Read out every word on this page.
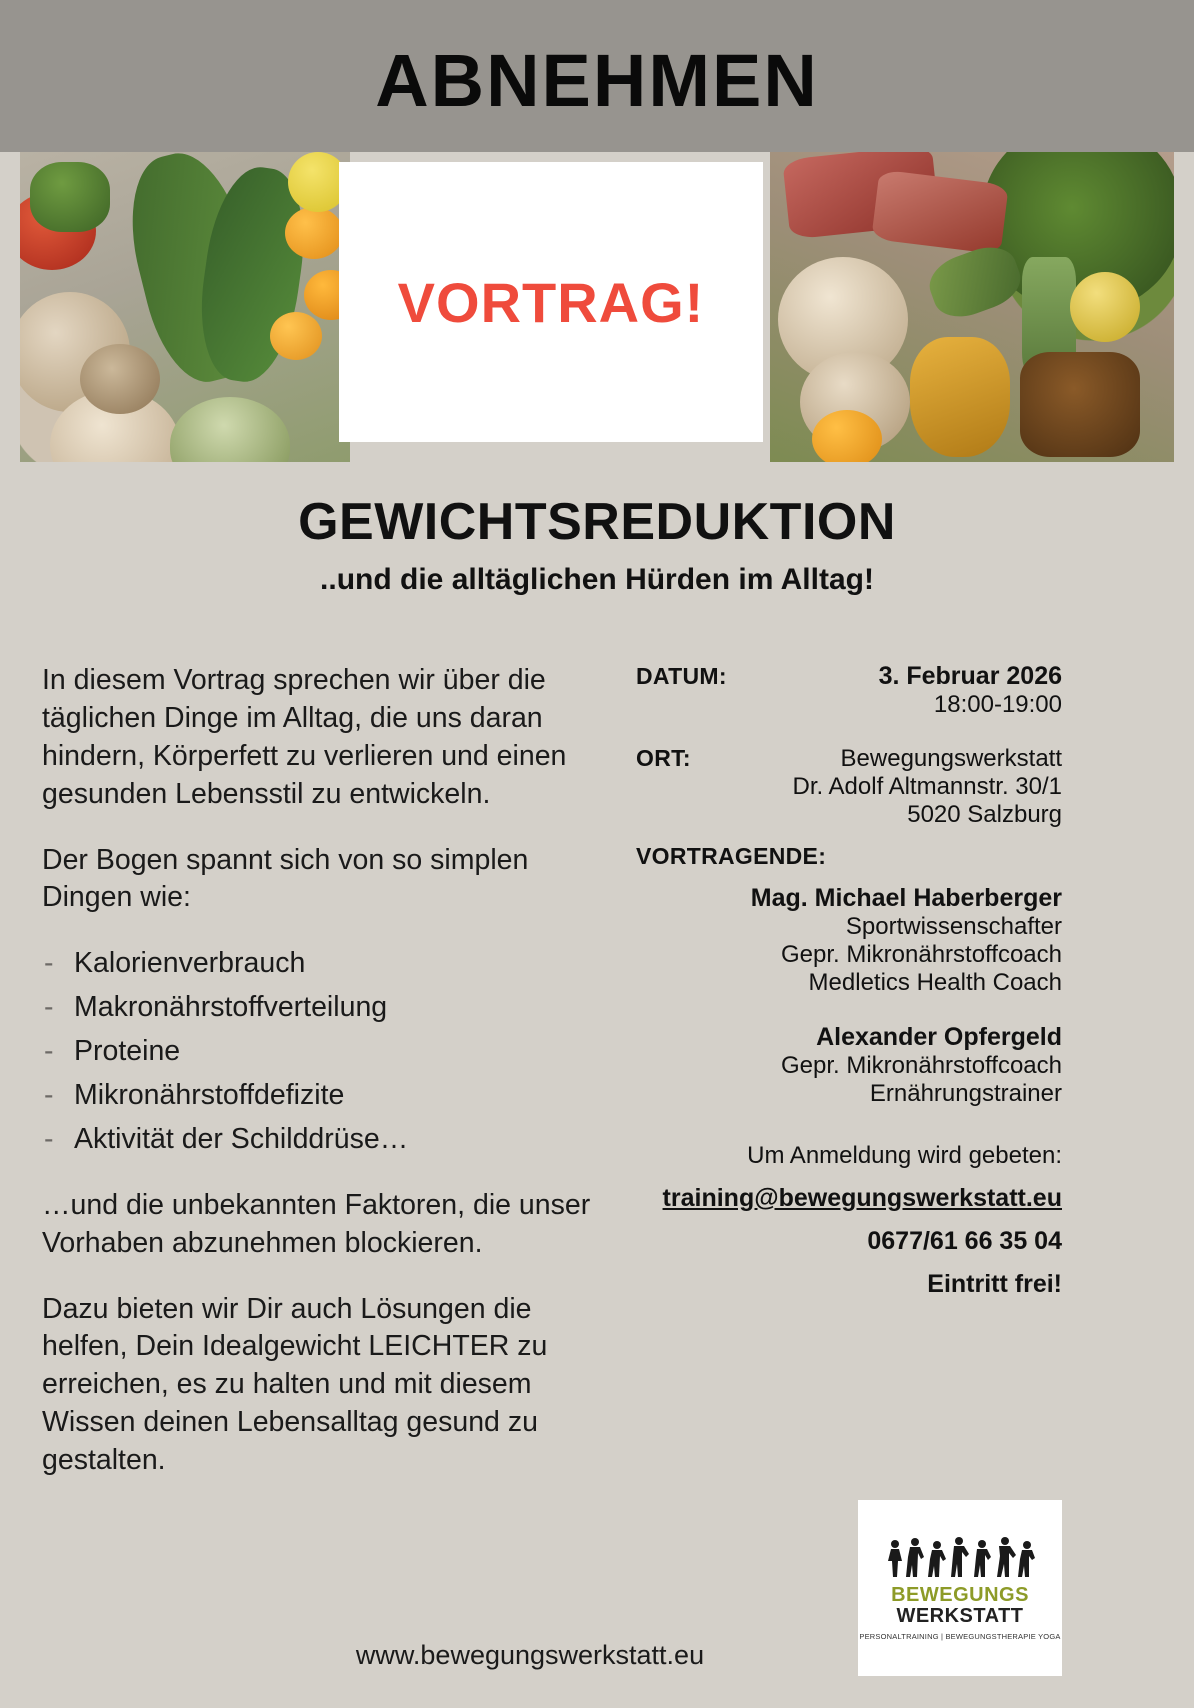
ABNEHMEN
VORTRAG!
GEWICHTSREDUKTION
..und die alltäglichen Hürden im Alltag!

In diesem Vortrag sprechen wir über die täglichen Dinge im Alltag, die uns daran hindern, Körperfett zu verlieren und einen gesunden Lebensstil zu entwickeln.

Der Bogen spannt sich von so simplen Dingen wie:

- Kalorienverbrauch
- Makronährstoffverteilung
- Proteine
- Mikronährstoffdefizite
- Aktivität der Schilddrüse…

…und die unbekannten Faktoren, die unser Vorhaben abzunehmen blockieren.

Dazu bieten wir Dir auch Lösungen die helfen, Dein Idealgewicht LEICHTER zu erreichen, es zu halten und mit diesem Wissen deinen Lebensalltag gesund zu gestalten.

DATUM:	3. Februar 2026
18:00-19:00
ORT:	Bewegungswerkstatt
Dr. Adolf Altmannstr. 30/1
5020 Salzburg
VORTRAGENDE:
Mag. Michael Haberberger
Sportwissenschafter
Gepr. Mikronährstoffcoach
Medletics Health Coach
Alexander Opfergeld
Gepr. Mikronährstoffcoach
Ernährungstrainer
Um Anmeldung wird gebeten:
training@bewegungswerkstatt.eu
0677/61 66 35 04
Eintritt frei!
BEWEGUNGS
WERKSTATT
PERSONALTRAINING | BEWEGUNGSTHERAPIE YOGA
www.bewegungswerkstatt.eu
